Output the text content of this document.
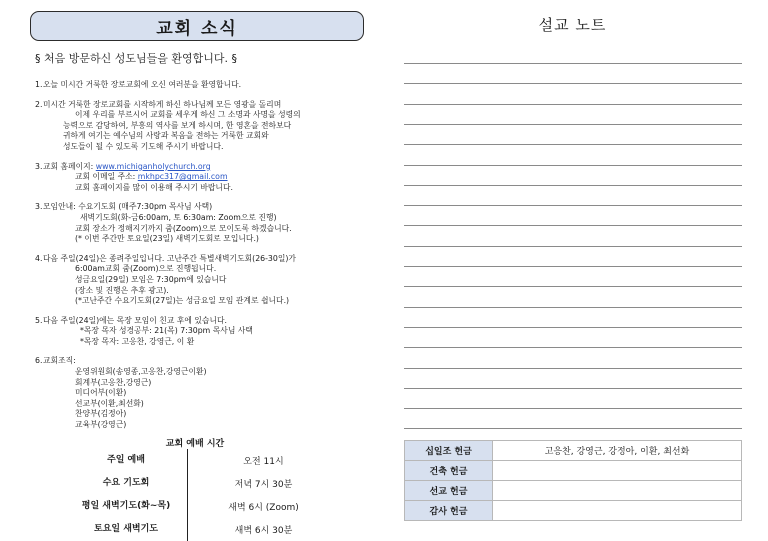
교회 소식
§ 처음 방문하신 성도님들을 환영합니다. §
1. 오늘 미시간 거룩한 장로교회에 오신 여러분을 환영합니다.

2. 미시간 거룩한 장로교회를 시작하게 하신 하나님께 모든 영광을 돌리며

이제 우리를 부르시어 교회를 세우게 하신 그 소명과 사명을 성령의

능력으로 감당하여, 부흥의 역사를 보게 하시며, 한 영혼을 전하보다

귀하게 여기는 예수님의 사랑과 복음을 전하는 거룩한 교회와

성도들이 될 수 있도록 기도해 주시기 바랍니다.

3. 교회 홈페이지: www.michiganholychurch.org

교회 이메일 주소: mkhpc317@gmail.com

교회 홈페이지를 많이 이용해 주시기 바랍니다.

3. 모임안내: 수요기도회 (매주7:30pm 목사님 사택)

새벽기도회(화-금6:00am, 토 6:30am: Zoom으로 진행)

교회 장소가 정해지기까지 줌(Zoom)으로 모이도록 하겠습니다.

(* 이번 주간만 토요일(23일) 새벽기도회로 모입니다.)

4. 다음 주일(24일)은 종려주일입니다. 고난주간 특별새벽기도회(26-30일)가

6:00am교회 줌(Zoom)으로 진행됩니다.

성금요일(29일) 모임은 7:30pm에 있습니다

(장소 및 진행은 추후 광고).

(*고난주간 수요기도회(27일)는 성금요일 모임 관계로 쉽니다.)

5. 다음 주일(24일)에는 목장 모임이 친교 후에 있습니다.

*목장 목자 성경공부: 21(목) 7:30pm 목사님 사택

*목장 목자: 고응찬, 강영근, 이 환

6. 교회조직:

운영위원회(송영종,고응찬,강영근이환)

회계부(고응찬,강영근)

미디어부(이환)

선교부(이환,최선화)

찬양부(김정아)

교육부(강영근)

교회 예배 시간
주일 예배	오전 11시
수요 기도회	저녁 7시 30분
평일 새벽기도(화~목)	새벽 6시 (Zoom)
토요일 새벽기도	새벽 6시 30분
설교 노트
십일조 헌금	고응찬, 강영근, 강정아, 이환, 최선화
건축 헌금	
선교 헌금	
감사 헌금	
